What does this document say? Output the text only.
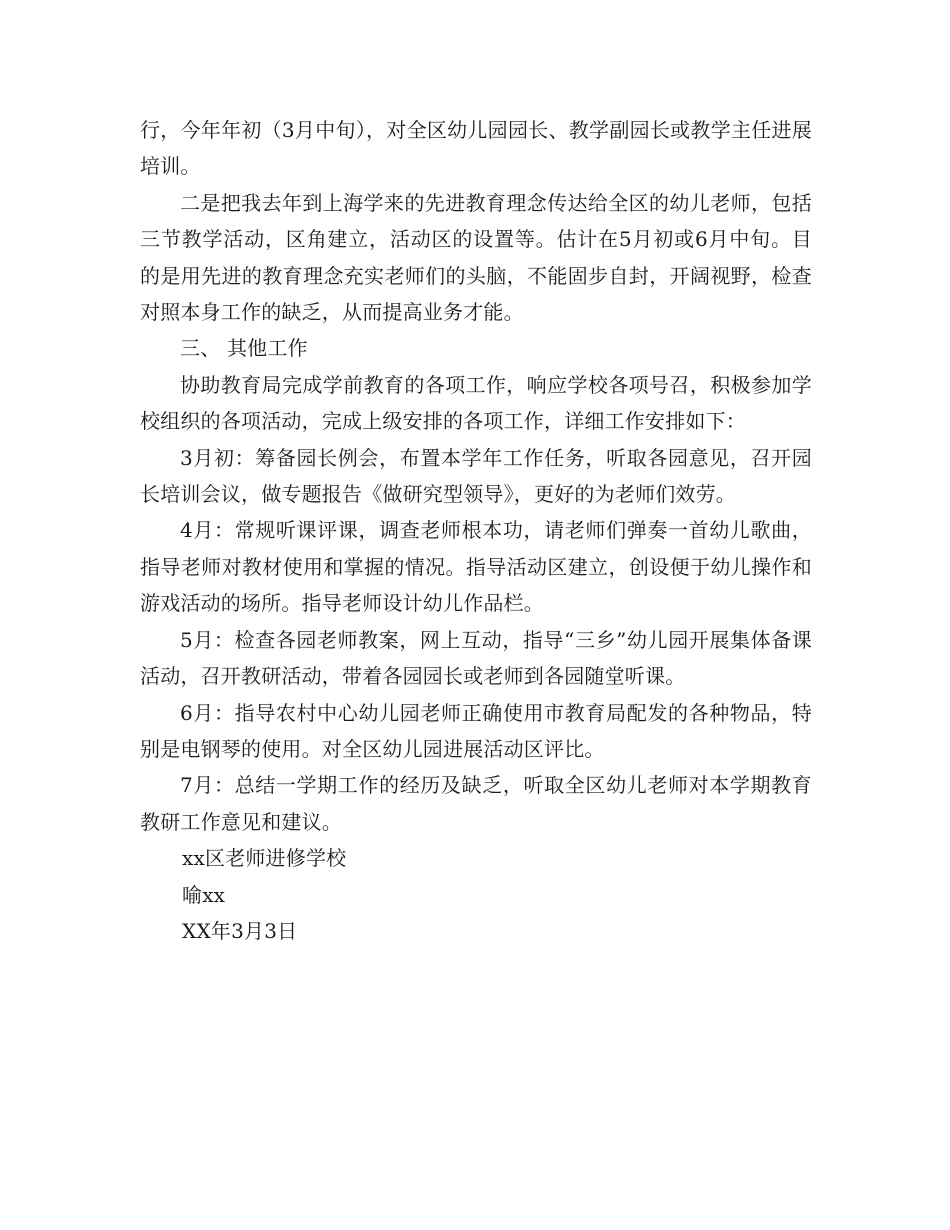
行，今年年初（3月中旬），对全区幼儿园园长、教学副园长或教学主任进展培训。

二是把我去年到上海学来的先进教育理念传达给全区的幼儿老师，包括三节教学活动，区角建立，活动区的设置等。估计在5月初或6月中旬。目的是用先进的教育理念充实老师们的头脑，不能固步自封，开阔视野，检查对照本身工作的缺乏，从而提高业务才能。

三、 其他工作

协助教育局完成学前教育的各项工作，响应学校各项号召，积极参加学校组织的各项活动，完成上级安排的各项工作，详细工作安排如下：

3月初：筹备园长例会，布置本学年工作任务，听取各园意见，召开园长培训会议，做专题报告《做研究型领导》，更好的为老师们效劳。

4月：常规听课评课，调查老师根本功，请老师们弹奏一首幼儿歌曲，指导老师对教材使用和掌握的情况。指导活动区建立，创设便于幼儿操作和游戏活动的场所。指导老师设计幼儿作品栏。

5月：检查各园老师教案，网上互动，指导“三乡”幼儿园开展集体备课活动，召开教研活动，带着各园园长或老师到各园随堂听课。

6月：指导农村中心幼儿园老师正确使用市教育局配发的各种物品，特别是电钢琴的使用。对全区幼儿园进展活动区评比。

7月：总结一学期工作的经历及缺乏，听取全区幼儿老师对本学期教育教研工作意见和建议。

xx区老师进修学校

喻xx

XX年3月3日
